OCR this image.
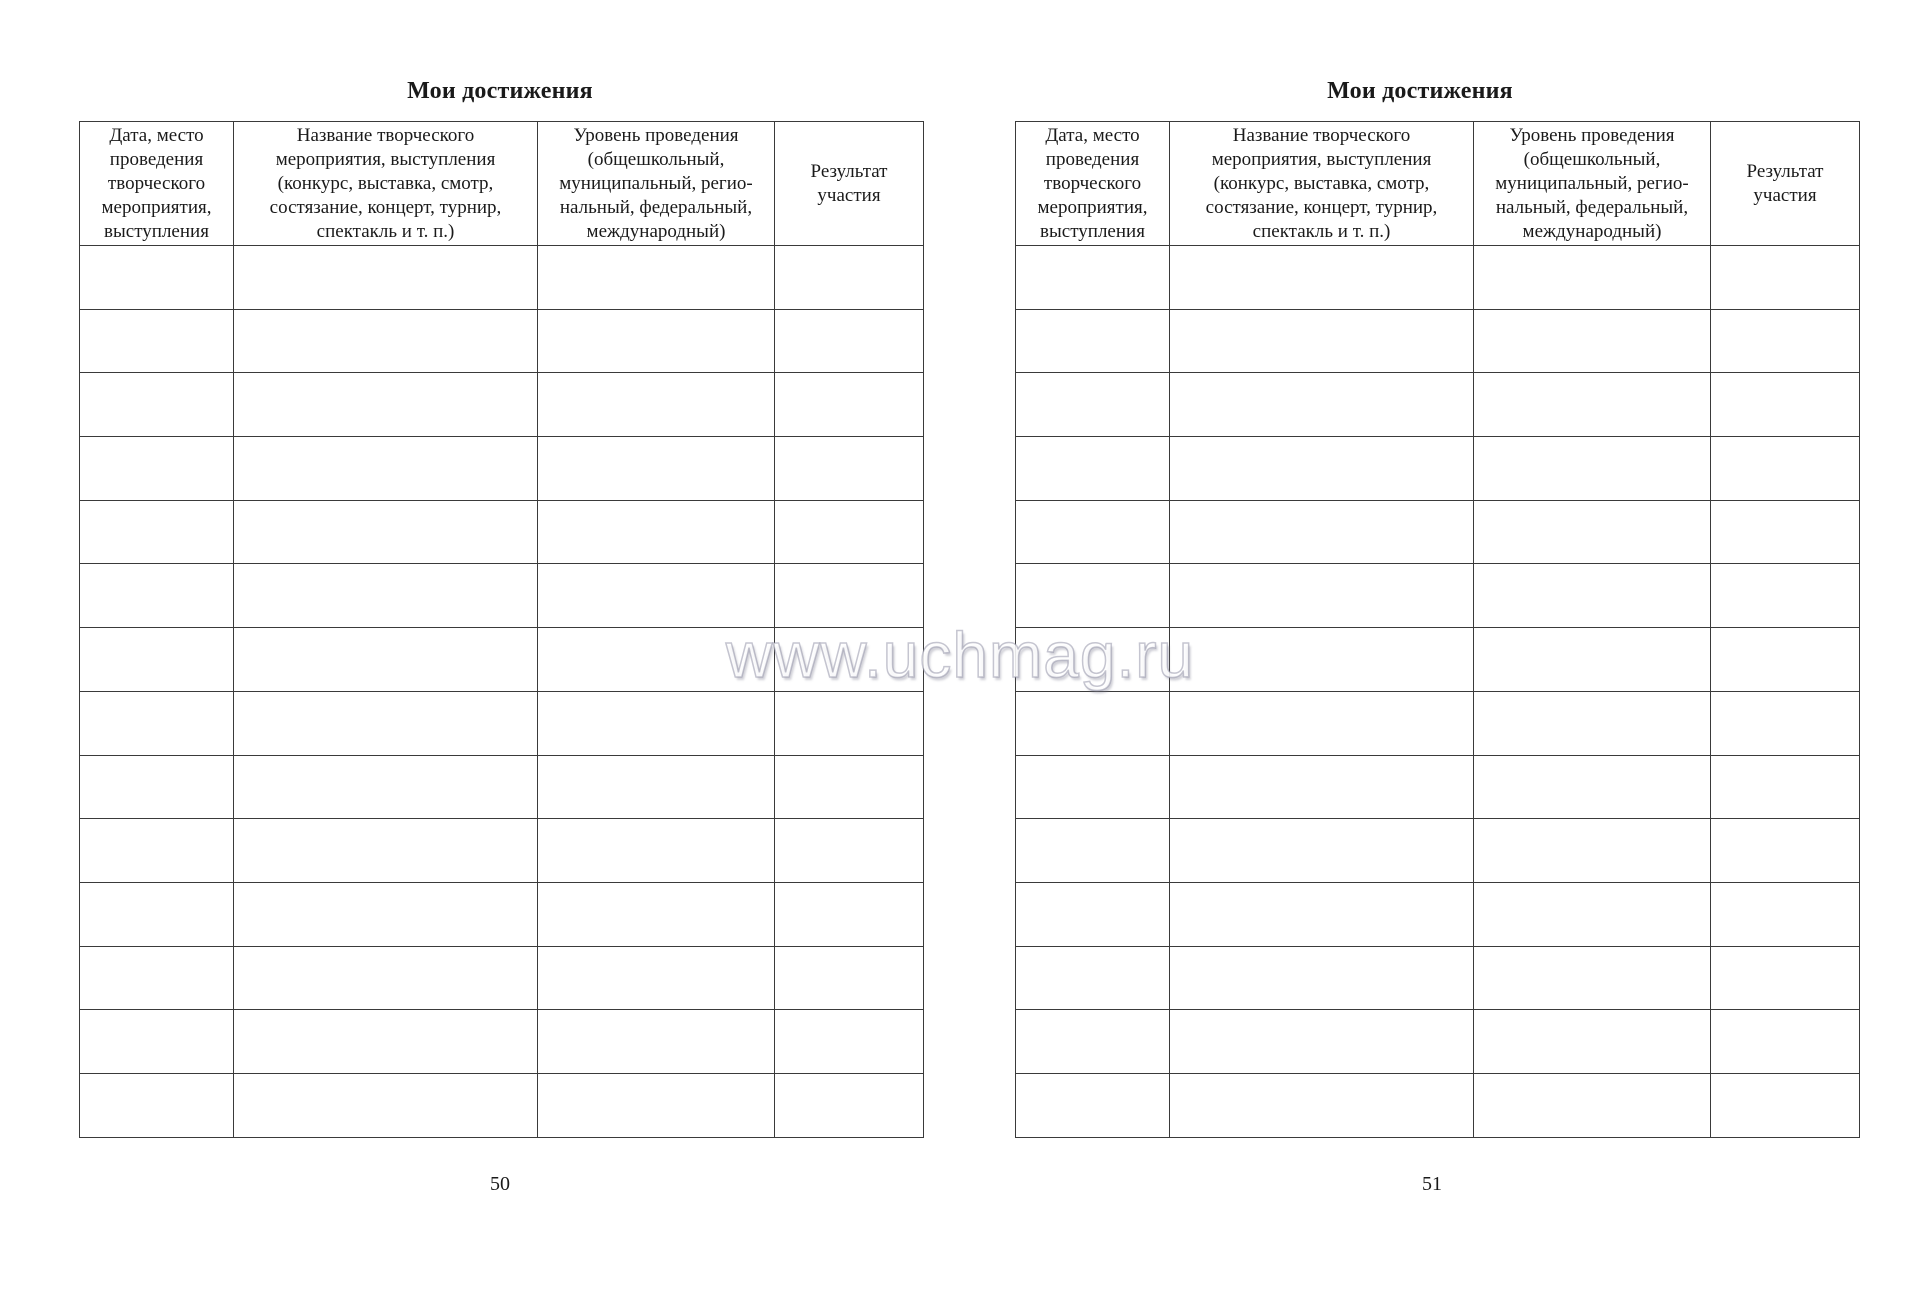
Мои достижения
Дата, место
проведения
творческого
мероприятия,
выступления	Название творческого
мероприятия, выступления
(конкурс, выставка, смотр,
состязание, концерт, турнир,
спектакль и т. п.)	Уровень проведения
(общешкольный,
муниципальный, регио-
нальный, федеральный,
международный)	Результат
участия

50
Мои достижения
Дата, место
проведения
творческого
мероприятия,
выступления	Название творческого
мероприятия, выступления
(конкурс, выставка, смотр,
состязание, концерт, турнир,
спектакль и т. п.)	Уровень проведения
(общешкольный,
муниципальный, регио-
нальный, федеральный,
международный)	Результат
участия

51
www.uchmag.ru
